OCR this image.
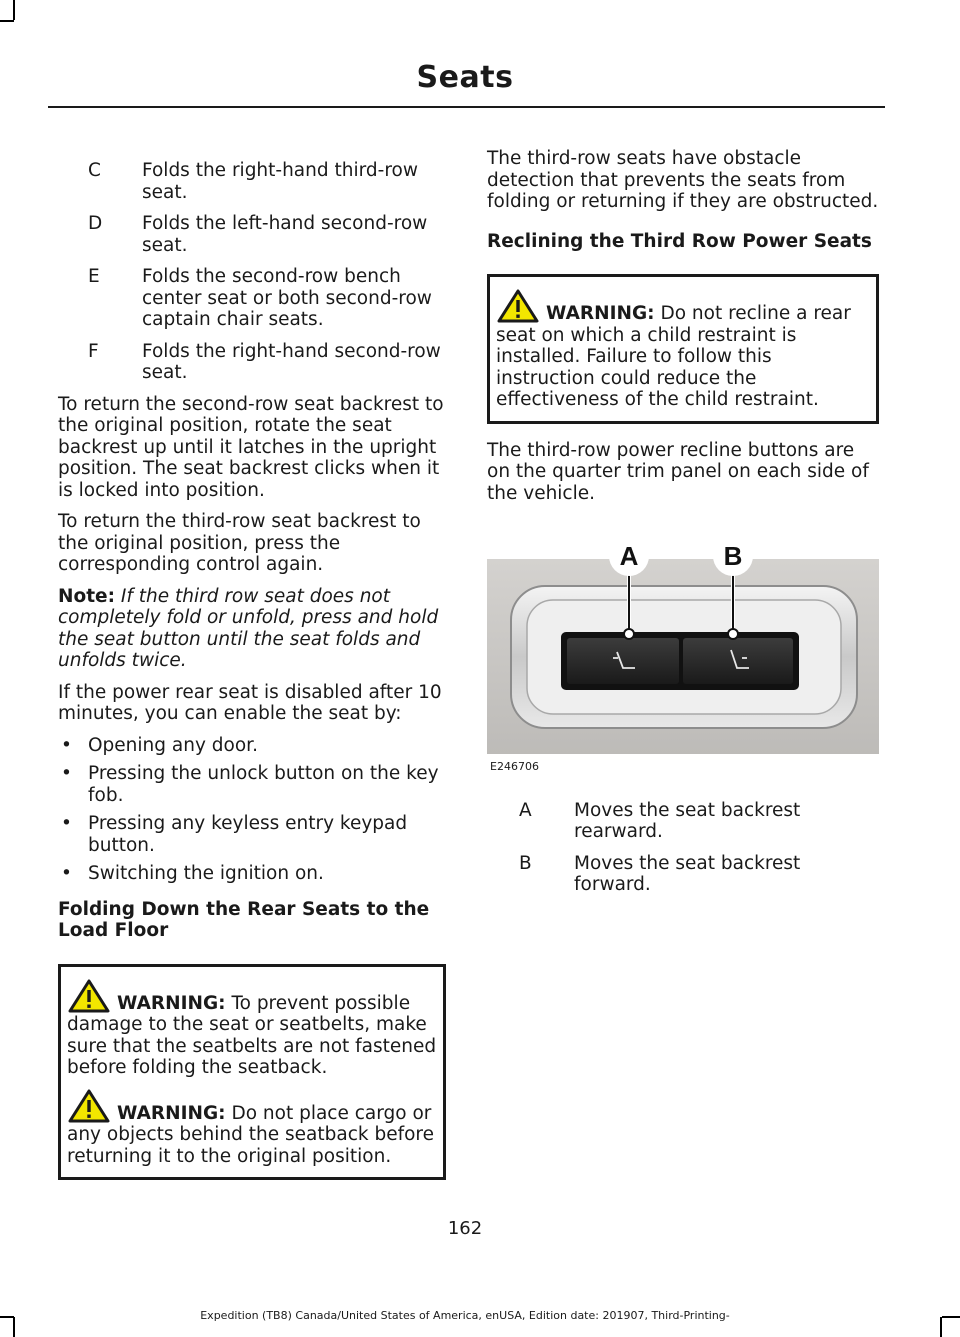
Seats
C	Folds the right-hand third-row seat.
D	Folds the left-hand second-row seat.
E	Folds the second-row bench center seat or both second-row captain chair seats.
F	Folds the right-hand second-row seat.

To return the second-row seat backrest to the original position, rotate the seat backrest up until it latches in the upright position. The seat backrest clicks when it is locked into position.

To return the third-row seat backrest to the original position, press the corresponding control again.

Note: If the third row seat does not completely fold or unfold, press and hold the seat button until the seat folds and unfolds twice.

If the power rear seat is disabled after 10 minutes, you can enable the seat by:

• Opening any door.
• Pressing the unlock button on the key fob.
• Pressing any keyless entry keypad button.
• Switching the ignition on.
Folding Down the Rear Seats to the Load Floor

WARNING: To prevent possible damage to the seat or seatbelts, make sure that the seatbelts are not fastened before folding the seatback.

WARNING: Do not place cargo or any objects behind the seatback before returning it to the original position.

The third-row seats have obstacle detection that prevents the seats from folding or returning if they are obstructed.

Reclining the Third Row Power Seats

WARNING: Do not recline a rear seat on which a child restraint is installed. Failure to follow this instruction could reduce the effectiveness of the child restraint.

The third-row power recline buttons are on the quarter trim panel on each side of the vehicle.

A	B
E246706
A	Moves the seat backrest rearward.
B	Moves the seat backrest forward.
162
Expedition (TB8) Canada/United States of America, enUSA, Edition date: 201907, Third-Printing-
